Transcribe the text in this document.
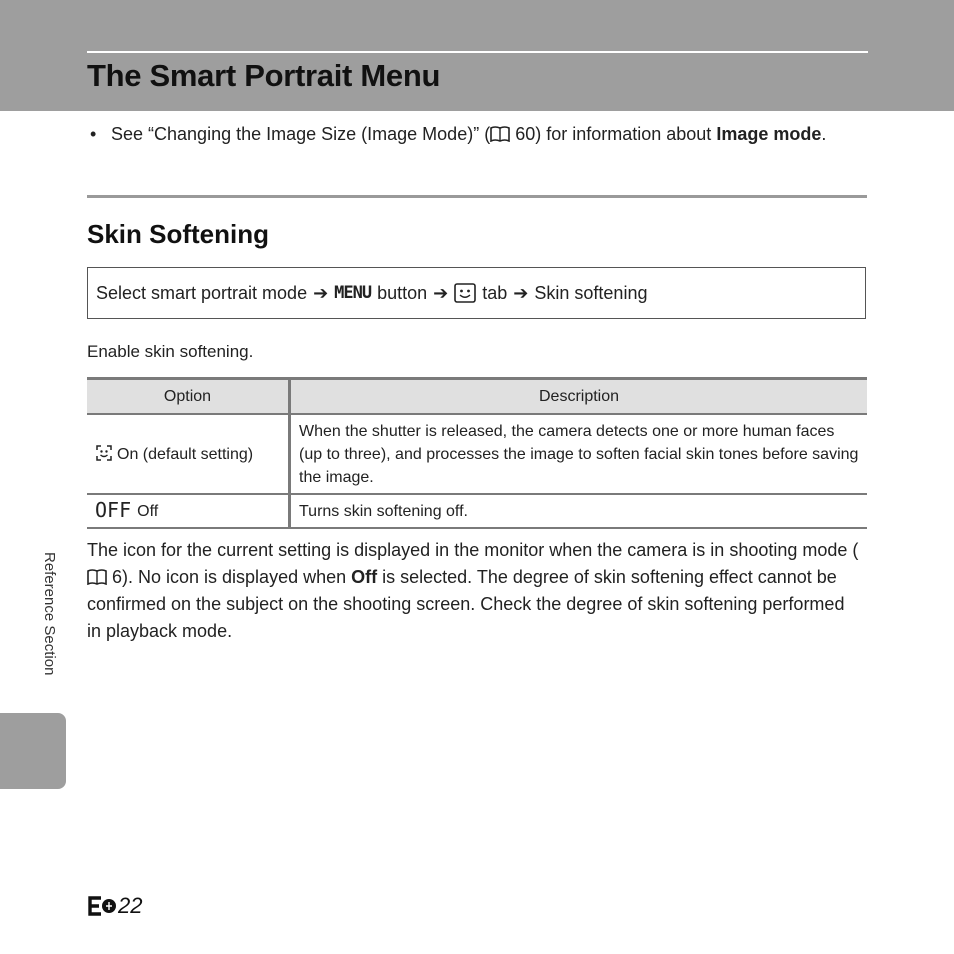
The Smart Portrait Menu
• See “Changing the Image Size (Image Mode)” ( 60) for information about Image mode.
Skin Softening
Select smart portrait mode ➔ MENU button ➔ tab ➔ Skin softening
Enable skin softening.
Option	Description
On (default setting)	When the shutter is released, the camera detects one or more human faces (up to three), and processes the image to soften facial skin tones before saving the image.
OFF Off	Turns skin softening off.

The icon for the current setting is displayed in the monitor when the camera is in shooting mode ( 6). No icon is displayed when Off is selected. The degree of skin softening effect cannot be confirmed on the subject on the shooting screen. Check the degree of skin softening performed in playback mode.

Reference Section
22
